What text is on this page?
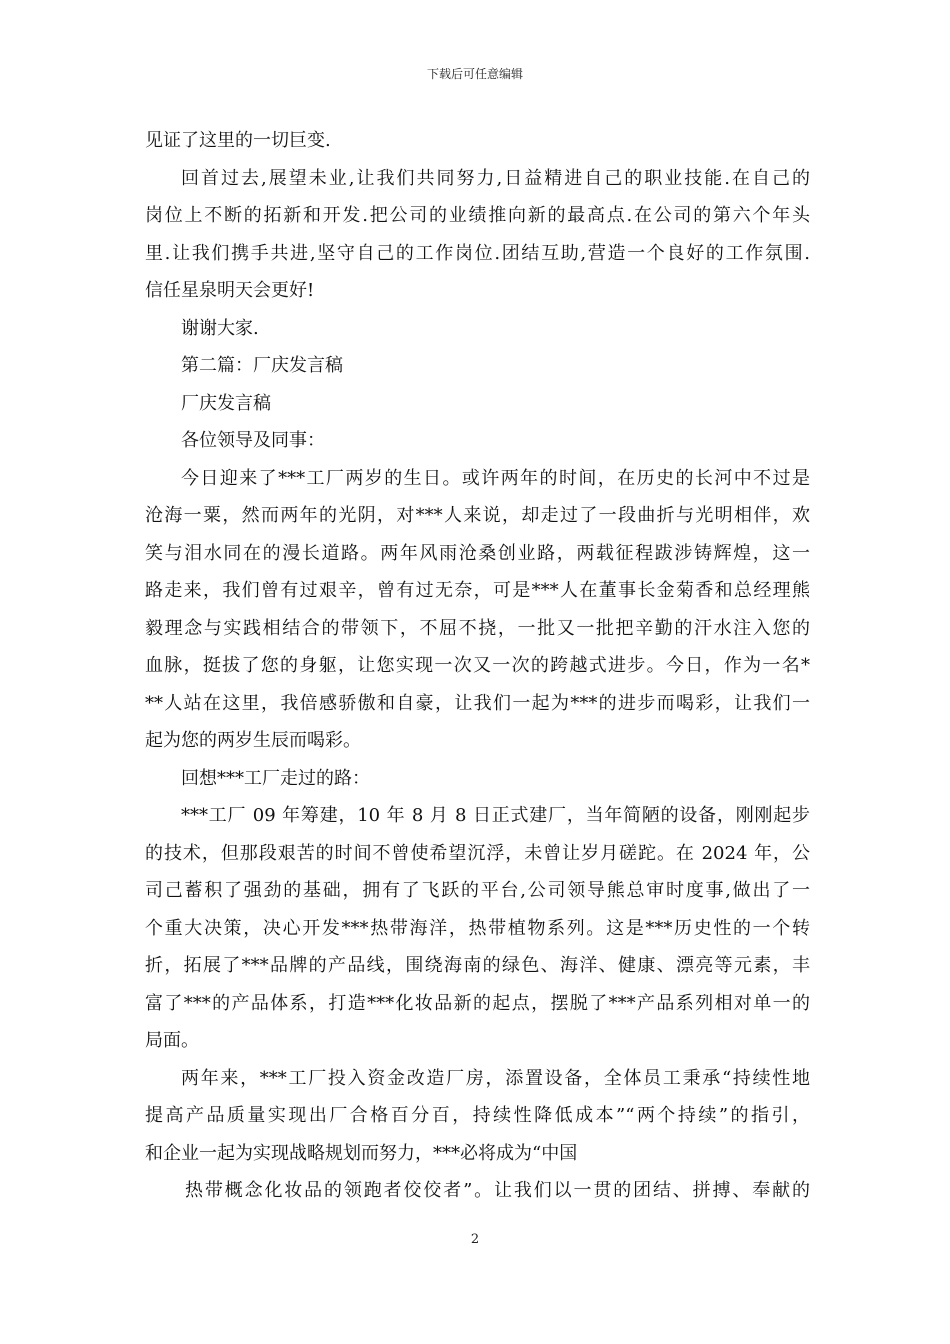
下载后可任意编辑
见证了这里的一切巨变.
回首过去,展望未业,让我们共同努力,日益精进自己的职业技能.在自己的
岗位上不断的拓新和开发.把公司的业绩推向新的最高点.在公司的第六个年头
里.让我们携手共进,坚守自己的工作岗位.团结互助,营造一个良好的工作氛围.
信任星泉明天会更好!
谢谢大家.
第二篇：厂庆发言稿
厂庆发言稿
各位领导及同事：
今日迎来了***工厂两岁的生日。或许两年的时间，在历史的长河中不过是
沧海一粟，然而两年的光阴，对***人来说，却走过了一段曲折与光明相伴，欢
笑与泪水同在的漫长道路。两年风雨沧桑创业路，两载征程跋涉铸辉煌，这一
路走来，我们曾有过艰辛，曾有过无奈，可是***人在董事长金菊香和总经理熊
毅理念与实践相结合的带领下，不屈不挠，一批又一批把辛勤的汗水注入您的
血脉，挺拔了您的身躯，让您实现一次又一次的跨越式进步。今日，作为一名*
**人站在这里，我倍感骄傲和自豪，让我们一起为***的进步而喝彩，让我们一
起为您的两岁生辰而喝彩。
回想***工厂走过的路：
***工厂 09 年筹建，10 年 8 月 8 日正式建厂，当年简陋的设备，刚刚起步
的技术，但那段艰苦的时间不曾使希望沉浮，未曾让岁月磋跎。在 2024 年，公
司己蓄积了强劲的基础，拥有了飞跃的平台,公司领导熊总审时度事,做出了一
个重大决策，决心开发***热带海洋，热带植物系列。这是***历史性的一个转
折，拓展了***品牌的产品线，围绕海南的绿色、海洋、健康、漂亮等元素，丰
富了***的产品体系，打造***化妆品新的起点，摆脱了***产品系列相对单一的
局面。
两年来，***工厂投入资金改造厂房，添置设备，全体员工秉承“持续性地
提高产品质量实现出厂合格百分百，持续性降低成本”“两个持续”的指引，
和企业一起为实现战略规划而努力，***必将成为“中国
热带概念化妆品的领跑者佼佼者”。让我们以一贯的团结、拼搏、奉献的
2
